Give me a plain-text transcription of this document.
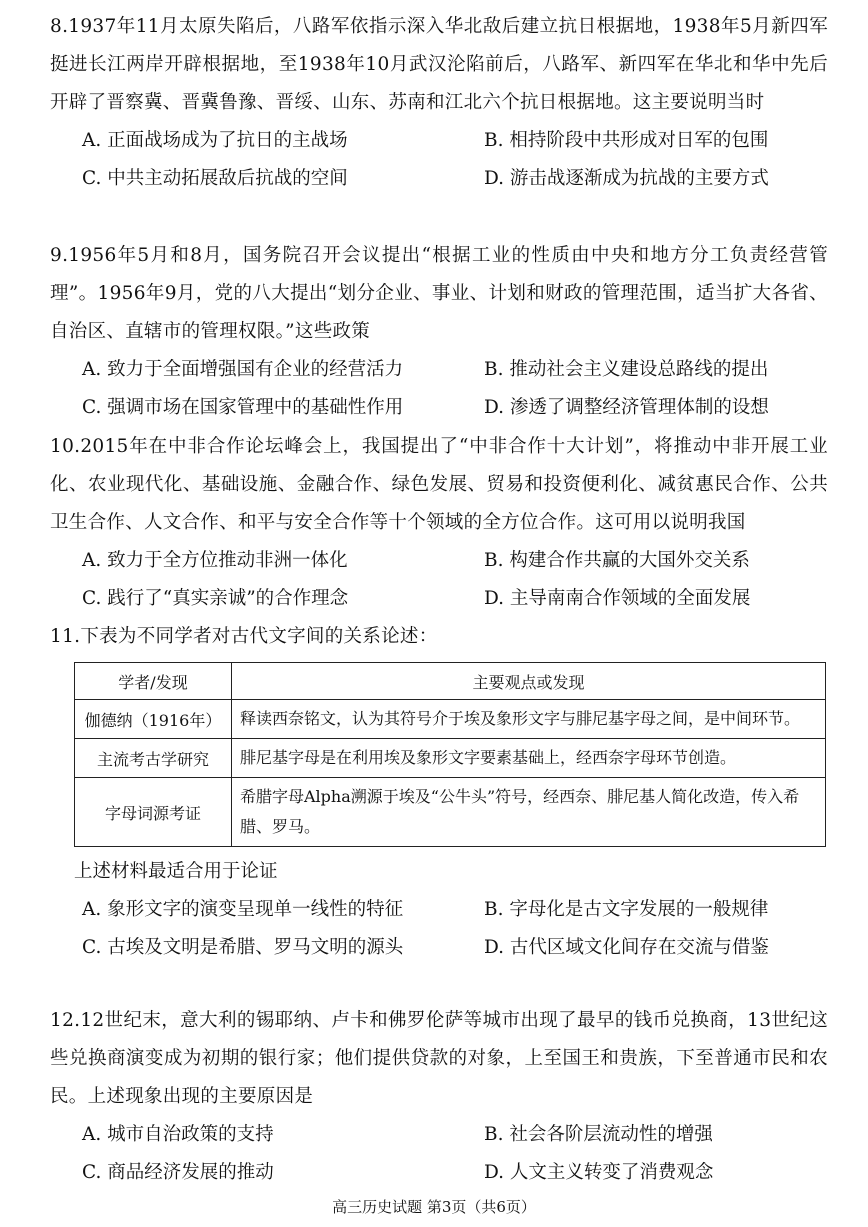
8.1937年11月太原失陷后，八路军依指示深入华北敌后建立抗日根据地，1938年5月新四军挺进长江两岸开辟根据地，至1938年10月武汉沦陷前后，八路军、新四军在华北和华中先后开辟了晋察冀、晋冀鲁豫、晋绥、山东、苏南和江北六个抗日根据地。这主要说明当时

A. 正面战场成为了抗日的主战场	B. 相持阶段中共形成对日军的包围
C. 中共主动拓展敌后抗战的空间	D. 游击战逐渐成为抗战的主要方式

9.1956年5月和8月，国务院召开会议提出“根据工业的性质由中央和地方分工负责经营管理”。1956年9月，党的八大提出“划分企业、事业、计划和财政的管理范围，适当扩大各省、自治区、直辖市的管理权限。”这些政策

A. 致力于全面增强国有企业的经营活力	B. 推动社会主义建设总路线的提出
C. 强调市场在国家管理中的基础性作用	D. 渗透了调整经济管理体制的设想

10.2015年在中非合作论坛峰会上，我国提出了“中非合作十大计划”，将推动中非开展工业化、农业现代化、基础设施、金融合作、绿色发展、贸易和投资便利化、减贫惠民合作、公共卫生合作、人文合作、和平与安全合作等十个领域的全方位合作。这可用以说明我国

A. 致力于全方位推动非洲一体化	B. 构建合作共赢的大国外交关系
C. 践行了“真实亲诚”的合作理念	D. 主导南南合作领域的全面发展

11.下表为不同学者对古代文字间的关系论述：

学者/发现	主要观点或发现
伽德纳（1916年）	释读西奈铭文，认为其符号介于埃及象形文字与腓尼基字母之间，是中间环节。
主流考古学研究	腓尼基字母是在利用埃及象形文字要素基础上，经西奈字母环节创造。
字母词源考证	希腊字母Alpha溯源于埃及“公牛头”符号，经西奈、腓尼基人简化改造，传入希腊、罗马。

上述材料最适合用于论证

A. 象形文字的演变呈现单一线性的特征	B. 字母化是古文字发展的一般规律
C. 古埃及文明是希腊、罗马文明的源头	D. 古代区域文化间存在交流与借鉴

12.12世纪末，意大利的锡耶纳、卢卡和佛罗伦萨等城市出现了最早的钱币兑换商，13世纪这些兑换商演变成为初期的银行家；他们提供贷款的对象，上至国王和贵族，下至普通市民和农民。上述现象出现的主要原因是

A. 城市自治政策的支持	B. 社会各阶层流动性的增强
C. 商品经济发展的推动	D. 人文主义转变了消费观念
高三历史试题 第3页（共6页）
